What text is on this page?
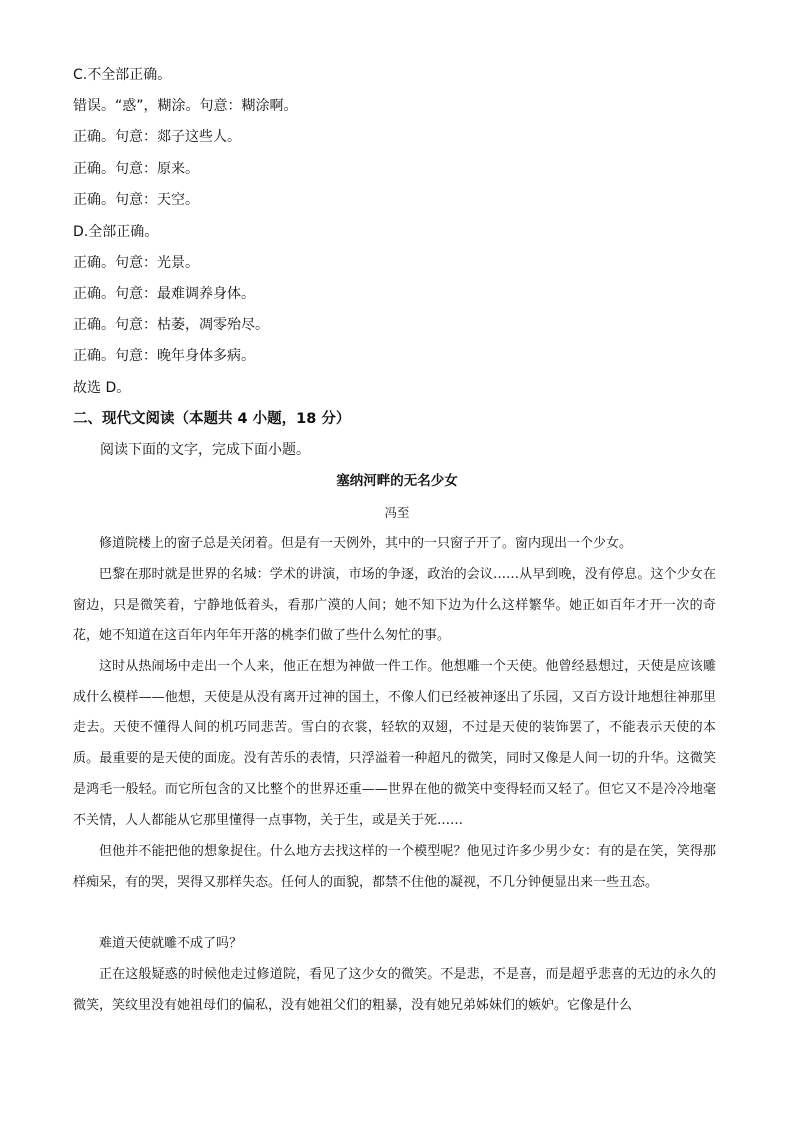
C.不全部正确。
错误。“惑”，糊涂。句意：糊涂啊。
正确。句意：郯子这些人。
正确。句意：原来。
正确。句意：天空。
D.全部正确。
正确。句意：光景。
正确。句意：最难调养身体。
正确。句意：枯萎，凋零殆尽。
正确。句意：晚年身体多病。
故选 D。
二、现代文阅读（本题共 4 小题，18 分）
阅读下面的文字，完成下面小题。
塞纳河畔的无名少女
冯至

修道院楼上的窗子总是关闭着。但是有一天例外，其中的一只窗子开了。窗内现出一个少女。

巴黎在那时就是世界的名城：学术的讲演，市场的争逐，政治的会议……从早到晚，没有停息。这个少女在窗边，只是微笑着，宁静地低着头，看那广漠的人间；她不知下边为什么这样繁华。她正如百年才开一次的奇花，她不知道在这百年内年年开落的桃李们做了些什么匆忙的事。

这时从热闹场中走出一个人来，他正在想为神做一件工作。他想雕一个天使。他曾经悬想过，天使是应该雕成什么模样——他想，天使是从没有离开过神的国土，不像人们已经被神逐出了乐园，又百方设计地想往神那里走去。天使不懂得人间的机巧同悲苦。雪白的衣裳，轻软的双翅，不过是天使的装饰罢了，不能表示天使的本质。最重要的是天使的面庞。没有苦乐的表情，只浮溢着一种超凡的微笑，同时又像是人间一切的升华。这微笑是鸿毛一般轻。而它所包含的又比整个的世界还重——世界在他的微笑中变得轻而又轻了。但它又不是冷冷地毫不关情，人人都能从它那里懂得一点事物，关于生，或是关于死……

但他并不能把他的想象捉住。什么地方去找这样的一个模型呢？他见过许多少男少女：有的是在笑，笑得那样痴呆，有的哭，哭得又那样失态。任何人的面貌，都禁不住他的凝视，不几分钟便显出来一些丑态。

难道天使就雕不成了吗？

正在这般疑惑的时候他走过修道院，看见了这少女的微笑。不是悲，不是喜，而是超乎悲喜的无边的永久的微笑，笑纹里没有她祖母们的偏私，没有她祖父们的粗暴，没有她兄弟姊妹们的嫉妒。它像是什么
